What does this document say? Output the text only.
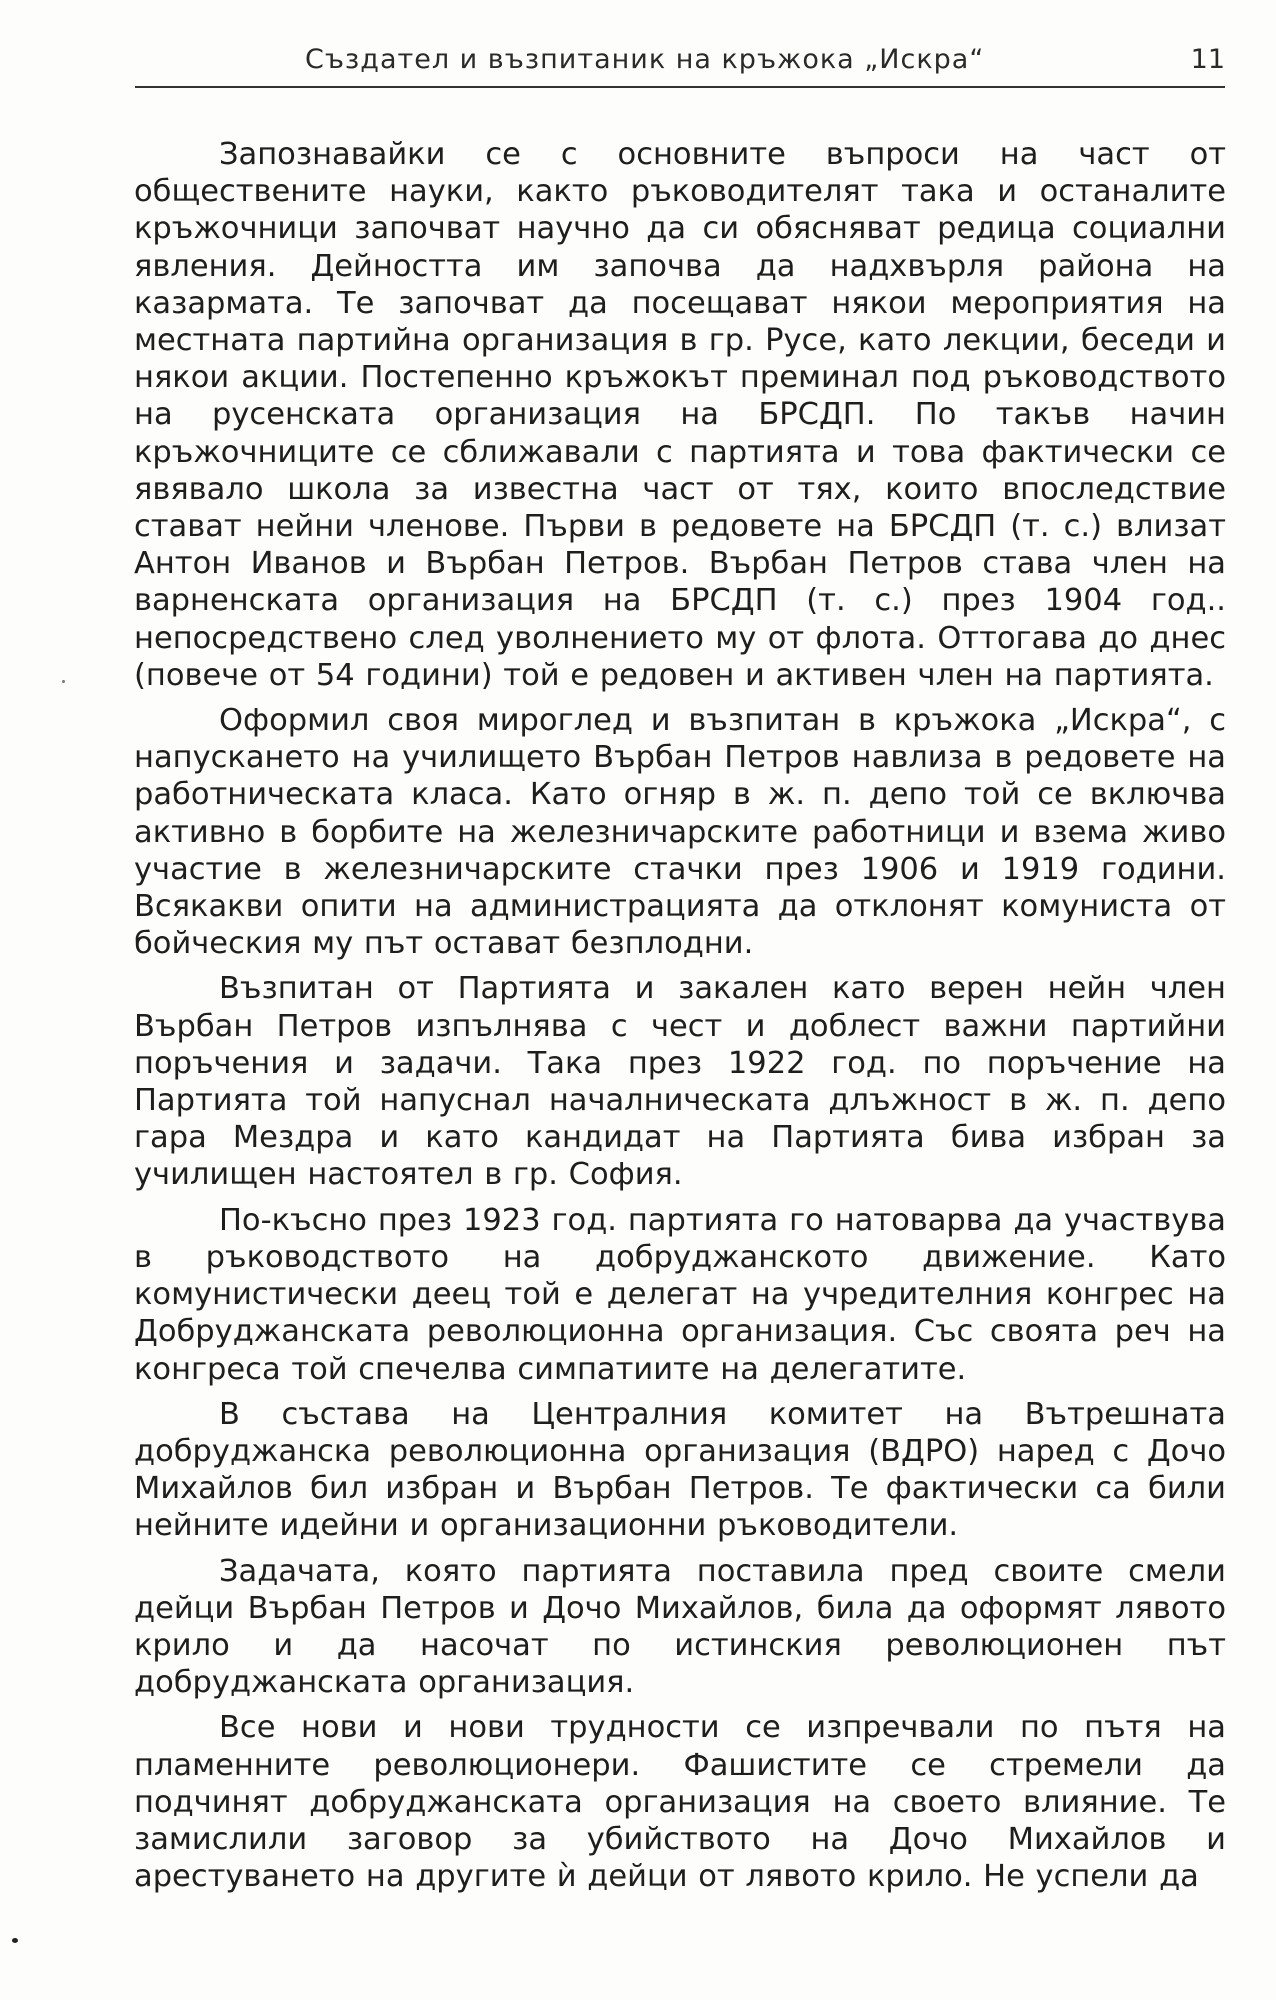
Създател и възпитаник на кръжока „Искра“	11

Запознавайки се с основните въпроси на част от обществените науки, както ръководителят така и останалите кръжочници започват научно да си обясняват редица социални явления. Дейността им започва да надхвърля района на казармата. Те започват да посещават някои мероприятия на местната партийна организация в гр. Русе, като лекции, беседи и някои акции. Постепенно кръжокът преминал под ръководството на русенската организация на БРСДП. По такъв начин кръжочниците се сближавали с партията и това фактически се явявало школа за известна част от тях, които впоследствие стават нейни членове. Първи в редовете на БРСДП (т. с.) влизат Антон Иванов и Върбан Петров. Върбан Петров става член на варненската организация на БРСДП (т. с.) през 1904 год.. непосредствено след уволнението му от флота. Оттогава до днес (повече от 54 години) той е редовен и активен член на партията.

Оформил своя мироглед и възпитан в кръжока „Искра“, с напускането на училището Върбан Петров навлиза в редовете на работническата класа. Като огняр в ж. п. депо той се включва активно в борбите на железничарските работници и взема живо участие в железничарските стачки през 1906 и 1919 години. Всякакви опити на администрацията да отклонят комуниста от бойческия му път остават безплодни.

Възпитан от Партията и закален като верен нейн член Върбан Петров изпълнява с чест и доблест важни партийни поръчения и задачи. Така през 1922 год. по поръчение на Партията той напуснал началническата длъжност в ж. п. депо гара Мездра и като кандидат на Партията бива избран за училищен настоятел в гр. София.

По-късно през 1923 год. партията го натоварва да участвува в ръководството на добруджанското движение. Като комунистически деец той е делегат на учредителния конгрес на Добруджанската революционна организация. Със своята реч на конгреса той спечелва симпатиите на делегатите.

В състава на Централния комитет на Вътрешната добруджанска революционна организация (ВДРО) наред с Дочо Михайлов бил избран и Върбан Петров. Те фактически са били нейните идейни и организационни ръководители.

Задачата, която партията поставила пред своите смели дейци Върбан Петров и Дочо Михайлов, била да оформят лявото крило и да насочат по истинския революционен път добруджанската организация.

Все нови и нови трудности се изпречвали по пътя на пламенните революционери. Фашистите се стремели да подчинят добруджанската организация на своето влияние. Те замислили заговор за убийството на Дочо Михайлов и арестуването на другите ѝ дейци от лявото крило. Не успели да
